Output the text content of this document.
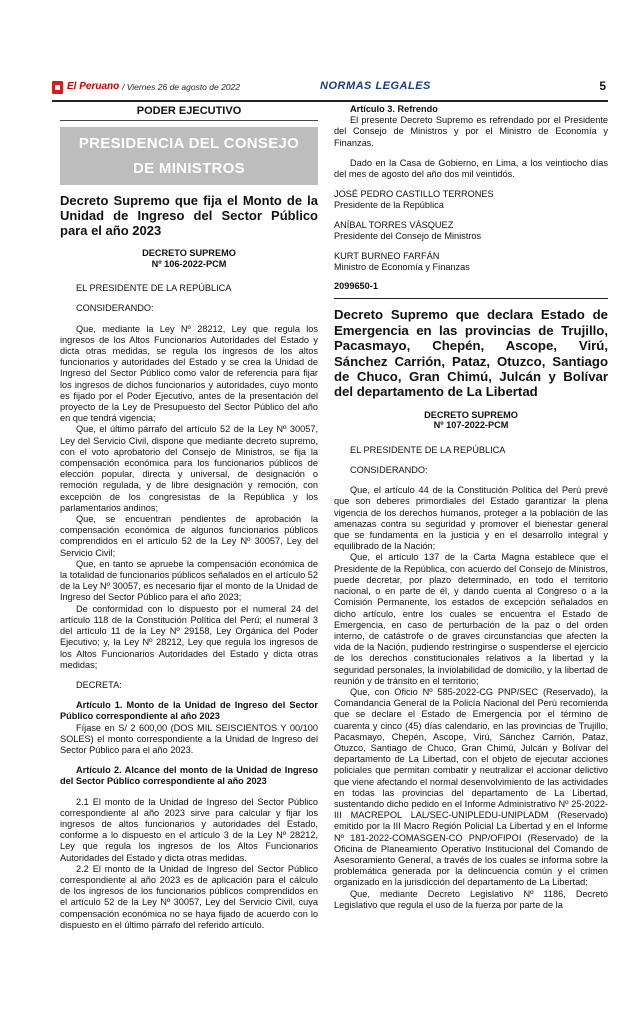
El Peruano / Viernes 26 de agosto de 2022	NORMAS LEGALES	5
PODER EJECUTIVO
PRESIDENCIA DEL CONSEJO
DE MINISTROS
Decreto Supremo que fija el Monto de la Unidad de Ingreso del Sector Público para el año 2023
DECRETO SUPREMO
Nº 106-2022-PCM

EL PRESIDENTE DE LA REPÚBLICA

CONSIDERANDO:

Que, mediante la Ley Nº 28212, Ley que regula los ingresos de los Altos Funcionarios Autoridades del Estado y dicta otras medidas, se regula los ingresos de los altos funcionarios y autoridades del Estado y se crea la Unidad de Ingreso del Sector Público como valor de referencia para fijar los ingresos de dichos funcionarios y autoridades, cuyo monto es fijado por el Poder Ejecutivo, antes de la presentación del proyecto de la Ley de Presupuesto del Sector Público del año en que tendrá vigencia;

Que, el último párrafo del artículo 52 de la Ley Nº 30057, Ley del Servicio Civil, dispone que mediante decreto supremo, con el voto aprobatorio del Consejo de Ministros, se fija la compensación económica para los funcionarios públicos de elección popular, directa y universal, de designación o remoción regulada, y de libre designación y remoción, con excepción de los congresistas de la República y los parlamentarios andinos;

Que, se encuentran pendientes de aprobación la compensación económica de algunos funcionarios públicos comprendidos en el artículo 52 de la Ley Nº 30057, Ley del Servicio Civil;

Que, en tanto se apruebe la compensación económica de la totalidad de funcionarios públicos señalados en el artículo 52 de la Ley Nº 30057, es necesario fijar el monto de la Unidad de Ingreso del Sector Público para el año 2023;

De conformidad con lo dispuesto por el numeral 24 del artículo 118 de la Constitución Política del Perú; el numeral 3 del artículo 11 de la Ley Nº 29158, Ley Orgánica del Poder Ejecutivo; y, la Ley Nº 28212, Ley que regula los ingresos de los Altos Funcionarios Autoridades del Estado y dicta otras medidas;

DECRETA:

Artículo 1. Monto de la Unidad de Ingreso del Sector Público correspondiente al año 2023

Fíjase en S/ 2 600,00 (DOS MIL SEISCIENTOS Y 00/100 SOLES) el monto correspondiente a la Unidad de Ingreso del Sector Público para el año 2023.

Artículo 2. Alcance del monto de la Unidad de Ingreso del Sector Público correspondiente al año 2023

2.1 El monto de la Unidad de Ingreso del Sector Público correspondiente al año 2023 sirve para calcular y fijar los ingresos de altos funcionarios y autoridades del Estado, conforme a lo dispuesto en el artículo 3 de la Ley Nº 28212, Ley que regula los ingresos de los Altos Funcionarios Autoridades del Estado y dicta otras medidas.

2.2 El monto de la Unidad de Ingreso del Sector Público correspondiente al año 2023 es de aplicación para el cálculo de los ingresos de los funcionarios públicos comprendidos en el artículo 52 de la Ley Nº 30057, Ley del Servicio Civil, cuya compensación económica no se haya fijado de acuerdo con lo dispuesto en el último párrafo del referido artículo.

Artículo 3. Refrendo

El presente Decreto Supremo es refrendado por el Presidente del Consejo de Ministros y por el Ministro de Economía y Finanzas.

Dado en la Casa de Gobierno, en Lima, a los veintiocho días del mes de agosto del año dos mil veintidós.

JOSÉ PEDRO CASTILLO TERRONES

Presidente de la República

ANÍBAL TORRES VÁSQUEZ

Presidente del Consejo de Ministros

KURT BURNEO FARFÁN

Ministro de Economía y Finanzas

2099650-1

Decreto Supremo que declara Estado de Emergencia en las provincias de Trujillo, Pacasmayo, Chepén, Ascope, Virú, Sánchez Carrión, Pataz, Otuzco, Santiago de Chuco, Gran Chimú, Julcán y Bolívar del departamento de La Libertad
DECRETO SUPREMO
Nº 107-2022-PCM

EL PRESIDENTE DE LA REPÚBLICA

CONSIDERANDO:

Que, el artículo 44 de la Constitución Política del Perú prevé que son deberes primordiales del Estado garantizar la plena vigencia de los derechos humanos, proteger a la población de las amenazas contra su seguridad y promover el bienestar general que se fundamenta en la justicia y en el desarrollo integral y equilibrado de la Nación;

Que, el artículo 137 de la Carta Magna establece que el Presidente de la República, con acuerdo del Consejo de Ministros, puede decretar, por plazo determinado, en todo el territorio nacional, o en parte de él, y dando cuenta al Congreso o a la Comisión Permanente, los estados de excepción señalados en dicho artículo, entre los cuales se encuentra el Estado de Emergencia, en caso de perturbación de la paz o del orden interno, de catástrofe o de graves circunstancias que afecten la vida de la Nación, pudiendo restringirse o suspenderse el ejercicio de los derechos constitucionales relativos a la libertad y la seguridad personales, la inviolabilidad de domicilio, y la libertad de reunión y de tránsito en el territorio;

Que, con Oficio Nº 585-2022-CG PNP/SEC (Reservado), la Comandancia General de la Policía Nacional del Perú recomienda que se declare el Estado de Emergencia por el término de cuarenta y cinco (45) días calendario, en las provincias de Trujillo, Pacasmayo, Chepén, Ascope, Virú, Sánchez Carrión, Pataz, Otuzco, Santiago de Chuco, Gran Chimú, Julcán y Bolívar del departamento de La Libertad, con el objeto de ejecutar acciones policiales que permitan combatir y neutralizar el accionar delictivo que viene afectando el normal desenvolvimiento de las actividades en todas las provincias del departamento de La Libertad, sustentando dicho pedido en el Informe Administrativo Nº 25-2022-III MACREPOL LAL/SEC-UNIPLEDU-UNIPLADM (Reservado) emitido por la III Macro Región Policial La Libertad y en el Informe Nº 181-2022-COMASGEN-CO PNP/OFIPOI (Reservado) de la Oficina de Planeamiento Operativo Institucional del Comando de Asesoramiento General, a través de los cuales se informa sobre la problemática generada por la delincuencia común y el crimen organizado en la jurisdicción del departamento de La Libertad;

Que, mediante Decreto Legislativo Nº 1186, Decreto Legislativo que regula el uso de la fuerza por parte de la
